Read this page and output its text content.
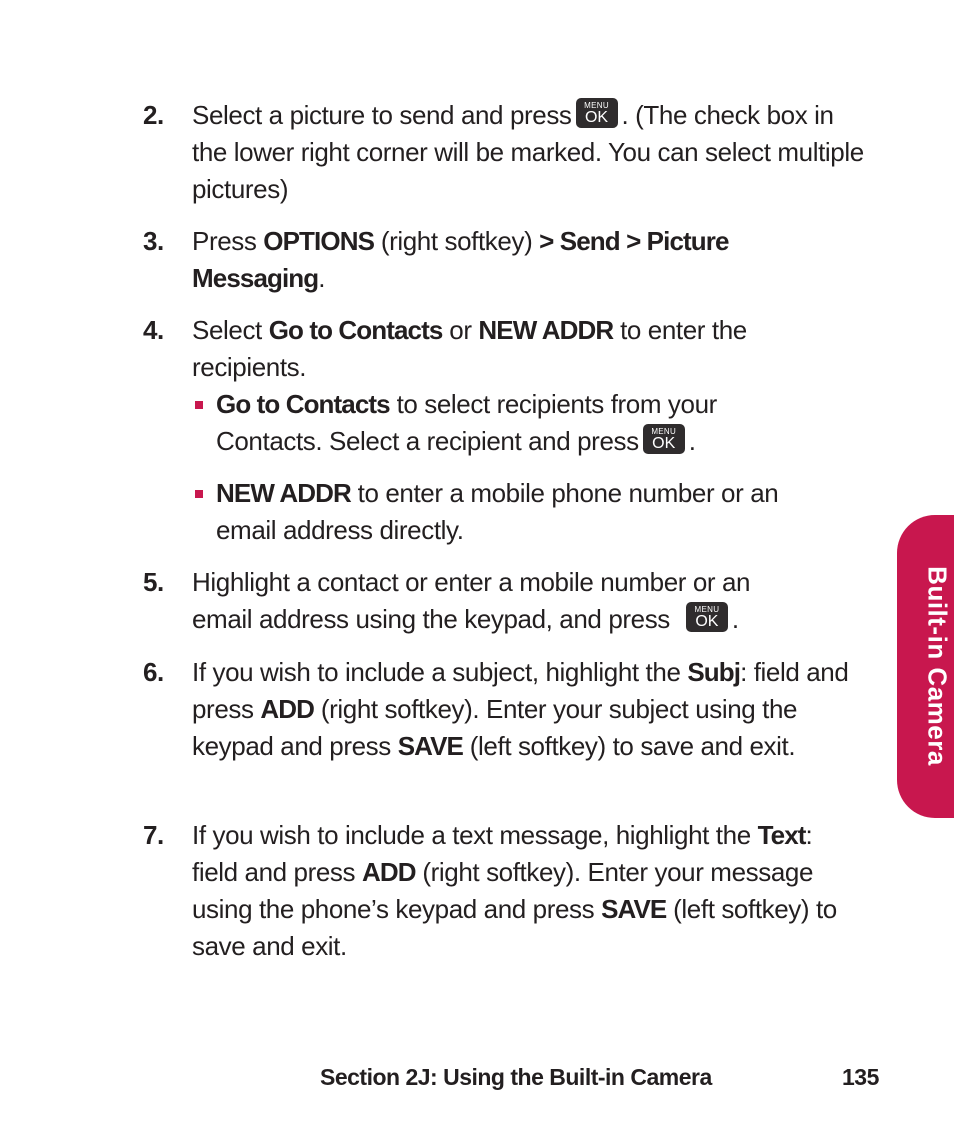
2. Select a picture to send and press	MENU
OK . (The check box in the lower right corner will be marked. You can select multiple pictures)
3. Press OPTIONS (right softkey) > Send > Picture Messaging.
4. Select Go to Contacts or NEW ADDR to enter the recipients.
Go to Contacts to select recipients from your Contacts. Select a recipient and press	MENU
OK .
NEW ADDR to enter a mobile phone number or an email address directly.
5. Highlight a contact or enter a mobile number or an email address using the keypad, and press	MENU
OK .
6. If you wish to include a subject, highlight the Subj: field and press ADD (right softkey). Enter your subject using the keypad and press SAVE (left softkey) to save and exit.
7. If you wish to include a text message, highlight the Text: field and press ADD (right softkey). Enter your message using the phone’s keypad and press SAVE (left softkey) to save and exit.
Built-in Camera
Section 2J: Using the Built-in Camera	135
